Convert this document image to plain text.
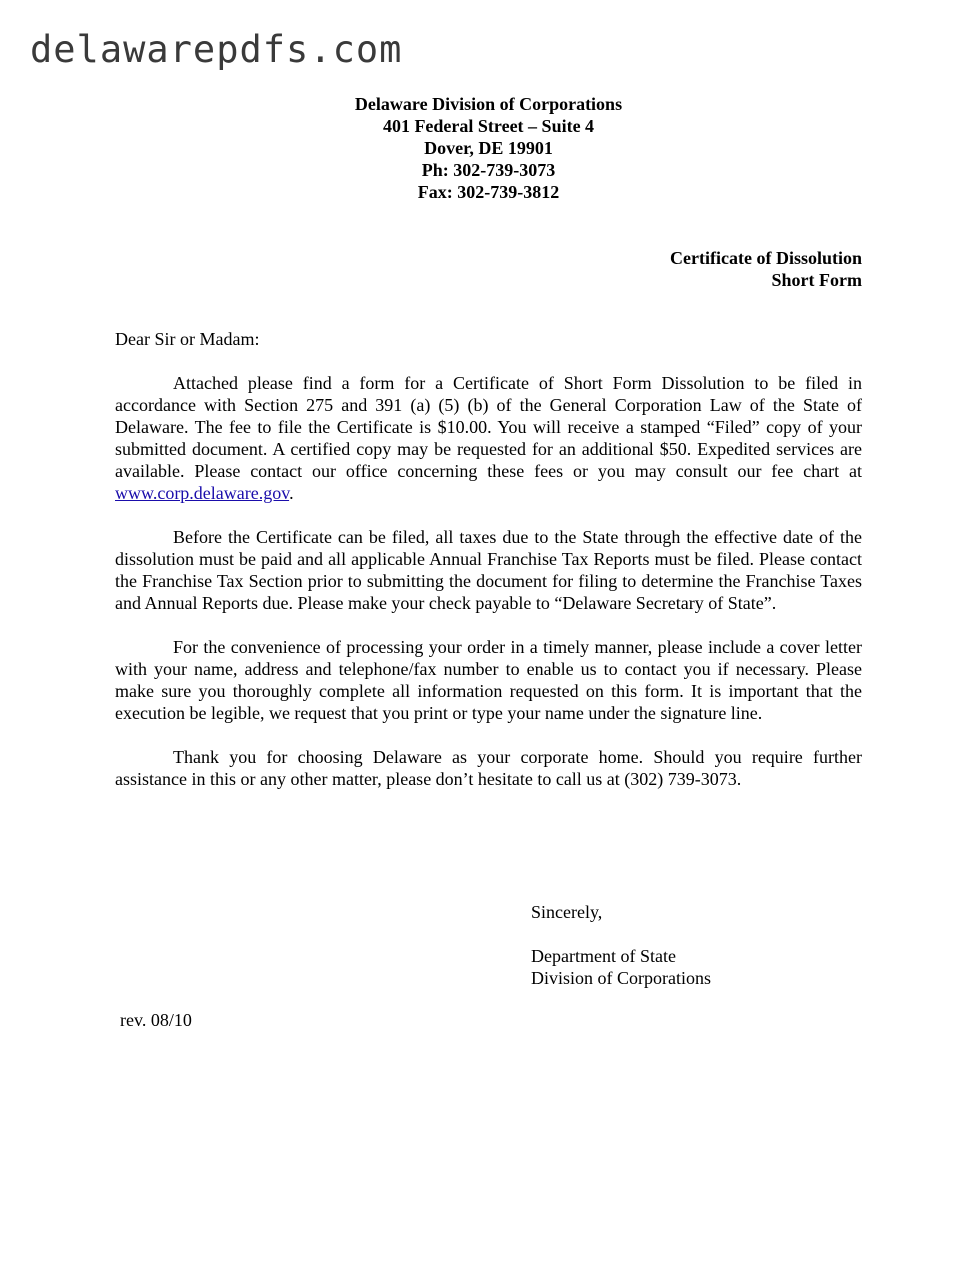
delawarepdfs.com
Delaware Division of Corporations
401 Federal Street – Suite 4
Dover, DE 19901
Ph: 302-739-3073
Fax: 302-739-3812
Certificate of Dissolution
Short Form
Dear Sir or Madam:
Attached please find a form for a Certificate of Short Form Dissolution to be filed in accordance with Section 275 and 391 (a) (5) (b) of the General Corporation Law of the State of Delaware. The fee to file the Certificate is $10.00. You will receive a stamped “Filed” copy of your submitted document. A certified copy may be requested for an additional $50. Expedited services are available. Please contact our office concerning these fees or you may consult our fee chart at www.corp.delaware.gov.
Before the Certificate can be filed, all taxes due to the State through the effective date of the dissolution must be paid and all applicable Annual Franchise Tax Reports must be filed. Please contact the Franchise Tax Section prior to submitting the document for filing to determine the Franchise Taxes and Annual Reports due. Please make your check payable to “Delaware Secretary of State”.
For the convenience of processing your order in a timely manner, please include a cover letter with your name, address and telephone/fax number to enable us to contact you if necessary. Please make sure you thoroughly complete all information requested on this form. It is important that the execution be legible, we request that you print or type your name under the signature line.
Thank you for choosing Delaware as your corporate home. Should you require further assistance in this or any other matter, please don’t hesitate to call us at (302) 739-3073.
Sincerely,
Department of State
Division of Corporations
rev. 08/10
